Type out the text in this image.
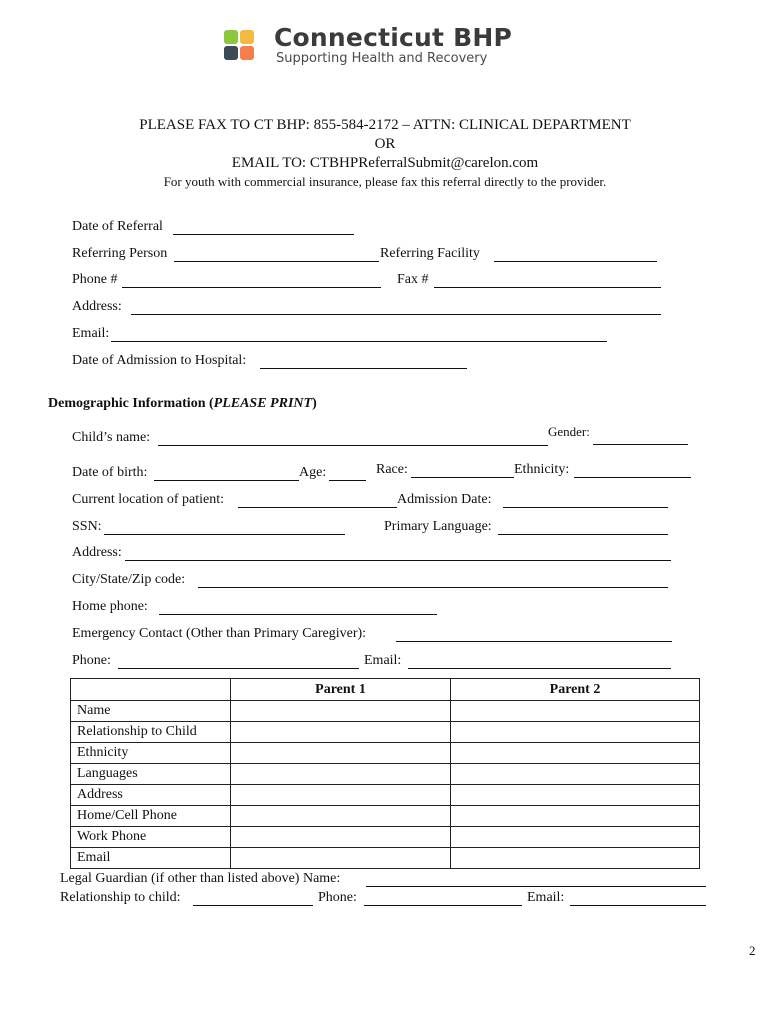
Connecticut BHP
Supporting Health and Recovery
PLEASE FAX TO CT BHP: 855-584-2172 – ATTN: CLINICAL DEPARTMENT
OR
EMAIL TO: CTBHPReferralSubmit@carelon.com
For youth with commercial insurance, please fax this referral directly to the provider.
Date of Referral
Referring Person	Referring Facility
Phone #	Fax #
Address:
Email:
Date of Admission to Hospital:
Demographic Information (PLEASE PRINT)
Child’s name:	Gender:
Date of birth:	Age:	Race:	Ethnicity:
Current location of patient:	Admission Date:
SSN:	Primary Language:
Address:
City/State/Zip code:
Home phone:
Emergency Contact (Other than Primary Caregiver):
Phone:	Email:
	Parent 1	Parent 2
Name		
Relationship to Child		
Ethnicity		
Languages		
Address		
Home/Cell Phone		
Work Phone		
Email		
Legal Guardian (if other than listed above) Name:
Relationship to child:	Phone:	Email:
2
